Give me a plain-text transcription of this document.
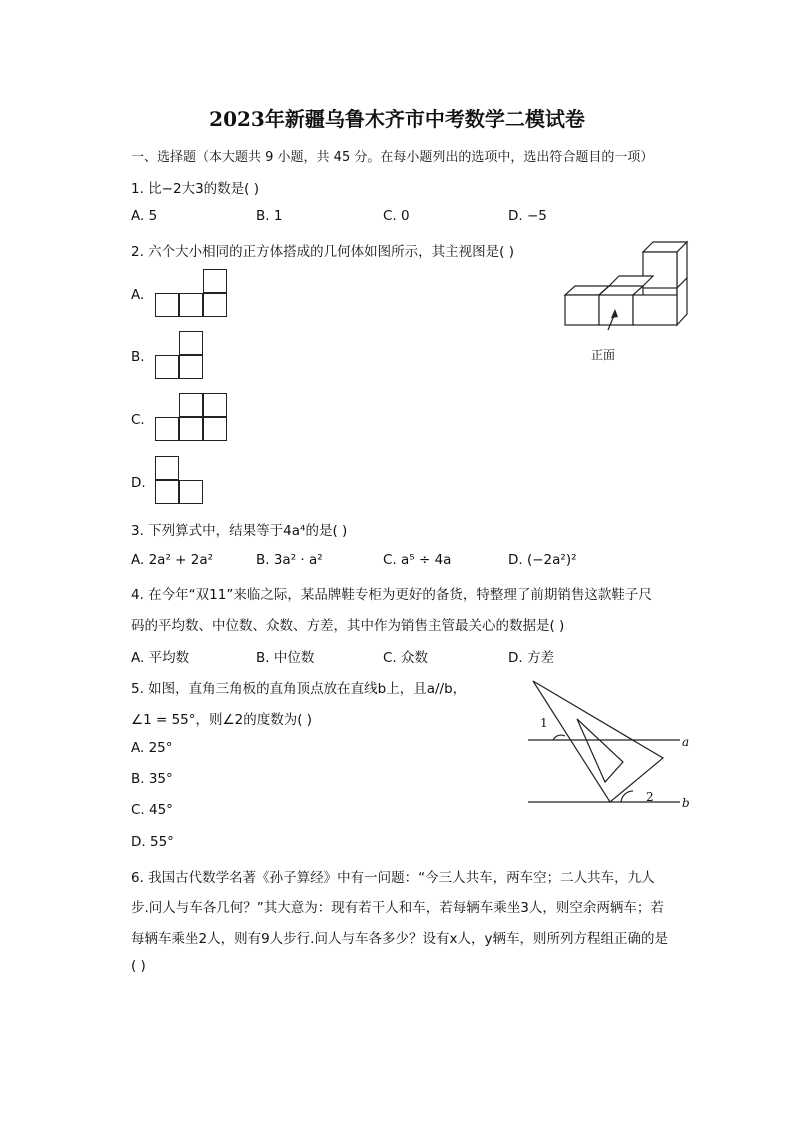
2023年新疆乌鲁木齐市中考数学二模试卷
一、选择题（本大题共 9 小题，共 45 分。在每小题列出的选项中，选出符合题目的一项）
1. 比−2大3的数是( )
A. 5	B. 1	C. 0	D. −5
2. 六个大小相同的正方体搭成的几何体如图所示，其主视图是( )
A.
B.
C.
D.
正面
3. 下列算式中，结果等于4a⁴的是( )
A. 2a² + 2a²	B. 3a² · a²	C. a⁵ ÷ 4a	D. (−2a²)²
4. 在今年“双11”来临之际，某品牌鞋专柜为更好的备货，特整理了前期销售这款鞋子尺
码的平均数、中位数、众数、方差，其中作为销售主管最关心的数据是( )
A. 平均数	B. 中位数	C. 众数	D. 方差
5. 如图，直角三角板的直角顶点放在直线b上，且a//b，
∠1 = 55°，则∠2的度数为( )
A. 25°
B. 35°
C. 45°
D. 55°
1
2
a
b
6. 我国古代数学名著《孙子算经》中有一问题：“今三人共车，两车空；二人共车，九人
步.问人与车各几何？”其大意为：现有若干人和车，若每辆车乘坐3人，则空余两辆车；若
每辆车乘坐2人，则有9人步行.问人与车各多少？设有x人，y辆车，则所列方程组正确的是
( )
